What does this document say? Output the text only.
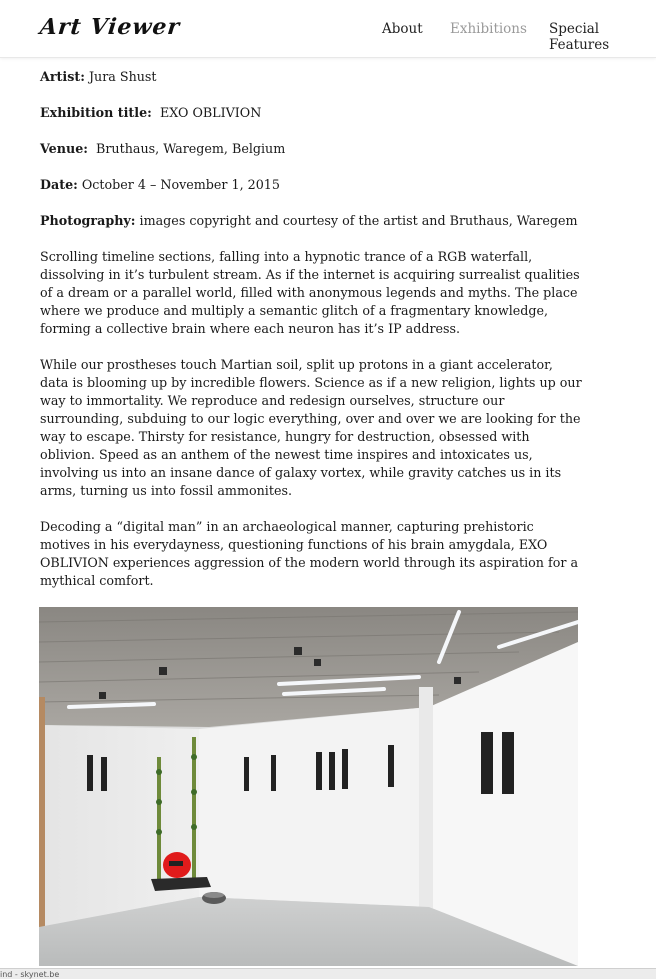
Art Viewer	About Exhibitions Special Features

Artist: Jura Shust

Exhibition title: EXO OBLIVION

Venue: Bruthaus, Waregem, Belgium

Date: October 4 – November 1, 2015

Photography: images copyright and courtesy of the artist and Bruthaus, Waregem

Scrolling timeline sections, falling into a hypnotic trance of a RGB waterfall, dissolving in it’s turbulent stream. As if the internet is acquiring surrealist qualities of a dream or a parallel world, filled with anonymous legends and myths. The place where we produce and multiply a semantic glitch of a fragmentary knowledge, forming a collective brain where each neuron has it’s IP address.

While our prostheses touch Martian soil, split up protons in a giant accelerator, data is blooming up by incredible flowers. Science as if a new religion, lights up our way to immortality. We reproduce and redesign ourselves, structure our surrounding, subduing to our logic everything, over and over we are looking for the way to escape. Thirsty for resistance, hungry for destruction, obsessed with oblivion. Speed as an anthem of the newest time inspires and intoxicates us, involving us into an insane dance of galaxy vortex, while gravity catches us in its arms, turning us into fossil ammonites.

Decoding a “digital man” in an archaeological manner, capturing prehistoric motives in his everydayness, questioning functions of his brain amygdala, EXO OBLIVION experiences aggression of the modern world through its aspiration for a mythical comfort.

ind - skynet.be
